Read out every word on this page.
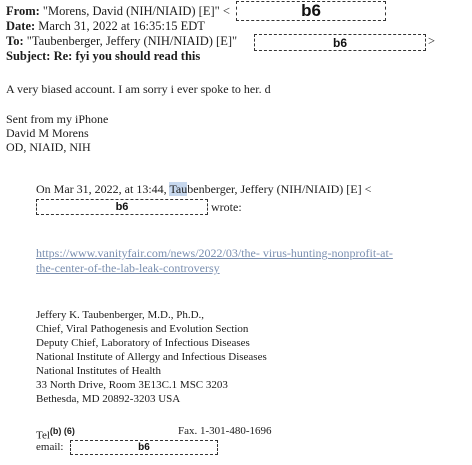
From: "Morens, David (NIH/NIAID) [E]" <	b6
Date: March 31, 2022 at 16:35:15 EDT
To: "Taubenberger, Jeffery (NIH/NIAID) [E]"	b6	>
Subject: Re: fyi you should read this
A very biased account. I am sorry i ever spoke to her. d
Sent from my iPhone
David M Morens
OD, NIAID, NIH
On Mar 31, 2022, at 13:44, Taubenberger, Jeffery (NIH/NIAID) [E] <
b6	wrote:
https://www.vanityfair.com/news/2022/03/the- virus-hunting-nonprofit-at-
the-center-of-the-lab-leak-controversy
Jeffery K. Taubenberger, M.D., Ph.D.,
Chief, Viral Pathogenesis and Evolution Section
Deputy Chief, Laboratory of Infectious Diseases
National Institute of Allergy and Infectious Diseases
National Institutes of Health
33 North Drive, Room 3E13C.1 MSC 3203
Bethesda, MD 20892-3203 USA
Tel$^{(b) (6)}$	Fax. 1-301-480-1696
email:	b6
